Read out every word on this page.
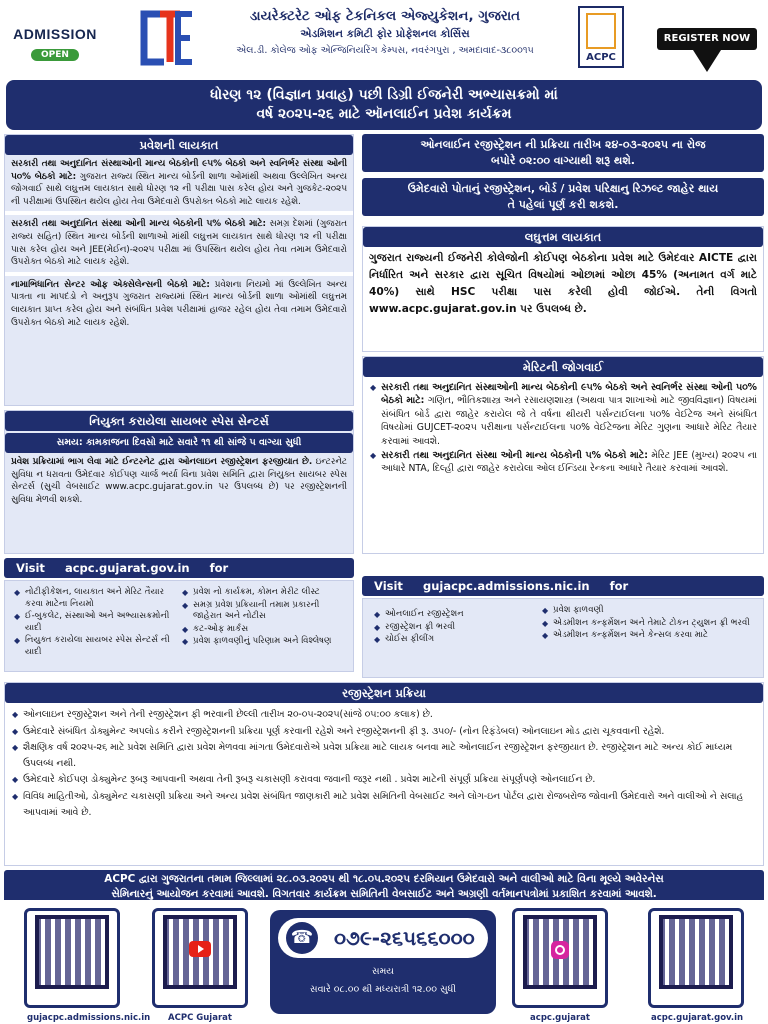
ADMISSION
OPEN
ડાયરેક્ટરેટ ઓફ ટેકનિકલ એજ્યુકેશન, ગુજરાત
એડમિશન કમિટી ફોર પ્રોફેશનલ કોર્સિસ
એલ.ડી. કોલેજ ઓફ એન્જિનિયરિંગ કેમ્પસ, નવરંગપુરા , અમદાવાદ-૩૮૦૦૧૫
ACPC
REGISTER NOW
ધોરણ ૧૨ (વિજ્ઞાન પ્રવાહ) પછી ડિગ્રી ઈજનેરી અભ્યાસક્રમો માં
વર્ષ ૨૦૨૫-૨૬ માટે ઑનલાઈન પ્રવેશ કાર્યક્રમ
પ્રવેશની લાયકાત

સરકારી તથા અનુદાનિત સંસ્થાઓની માન્ય બેઠકોની ૯૫% બેઠકો અને સ્વનિર્ભર સંસ્થા ઓની ૫૦% બેઠકો માટે: ગુજરાત રાજ્ય સ્થિત માન્ય બોર્ડની શાળા ઓમાંથી અથવા ઉલ્લેખિત અન્ય જોગવાઈ સાથે લઘુત્તમ લાયકાત સાથે ધોરણ ૧૨ ની પરીક્ષા પાસ કરેલ હોય અને ગુજકેટ-૨૦૨૫ ની પરીક્ષામાં ઉપસ્થિત થયેલ હોય તેવા ઉમેદવારો ઉપરોક્ત બેઠકો માટે લાયક રહેશે.

સરકારી તથા અનુદાનિત સંસ્થા ઓની માન્ય બેઠકોની ૫% બેઠકો માટે: સમગ્ર દેશમાં (ગુજરાત રાજ્ય સહિત) સ્થિત માન્ય બોર્ડની શાળાઓ માંથી લઘુત્તમ લાયકાત સાથે ધોરણ ૧૨ ની પરીક્ષા પાસ કરેલ હોય અને JEE(મેઈન)-૨૦૨૫ પરીક્ષા માં ઉપસ્થિત થયેલ હોય તેવા તમામ ઉમેદવારો ઉપરોક્ત બેઠકો માટે લાયક રહેશે.

નામાભિધાનિત સેન્ટર ઓફ એક્સેલેન્સની બેઠકો માટે: પ્રવેશના નિયમો માં ઉલ્લેખિત અન્ય પાત્રતા ના માપદંડો ને અનુરૂપ ગુજરાત રાજ્યમાં સ્થિત માન્ય બોર્ડની શાળા ઓમાંથી લઘુત્તમ લાયકાત પ્રાપ્ત કરેલ હોય અને સંબંધિત પ્રવેશ પરીક્ષામાં હાજર રહેલ હોય તેવા તમામ ઉમેદવારો ઉપરોક્ત બેઠકો માટે લાયક રહેશે.

નિયુક્ત કરાયેલા સાયબર સ્પેસ સેન્ટર્સ
સમય: કામકાજના દિવસો માટે સવારે ૧૧ થી સાંજે ૫ વાગ્યા સુધી

પ્રવેશ પ્રક્રિયામાં ભાગ લેવા માટે ઈન્ટરનેટ દ્વારા ઓનલાઇન રજીસ્ટ્રેશન ફરજીયાત છે. ઇન્ટરનેટ સુવિધા ન ધરાવતા ઉમેદવાર કોઈપણ ચાર્જ ભર્યા વિના પ્રવેશ સમિતિ દ્વારા નિયુક્ત સાયબર સ્પેસ સેન્ટર્સ (સુચી વેબસાઈટ www.acpc.gujarat.gov.in પર ઉપલબ્ધ છે) પર રજીસ્ટ્રેશનની સુવિધા મેળવી શકશે.

ઓનલાઈન રજીસ્ટ્રેશન ની પ્રક્રિયા તારીખ ૨૪-૦૩-૨૦૨૫ ના રોજ
બપોરે ૦૨:૦૦ વાગ્યાથી શરૂ થશે.
ઉમેદવારો પોતાનું રજીસ્ટ્રેશન, બોર્ડ / પ્રવેશ પરિક્ષાનુ રિઝલ્ટ જાહેર થાય
તે પહેલાં પૂર્ણ કરી શકશે.
લઘુત્તમ લાયકાત

ગુજરાત રાજ્યની ઈજનેરી કોલેજોની કોઈપણ બેઠકોના પ્રવેશ માટે ઉમેદવાર AICTE દ્વારા નિર્ધારિત અને સરકાર દ્વારા સૂચિત વિષયોમાં ઓછામાં ઓછા 45% (અનામત વર્ગ માટે 40%) સાથે HSC પરીક્ષા પાસ કરેલી હોવી જોઈએ. તેની વિગતો www.acpc.gujarat.gov.in પર ઉપલબ્ધ છે.

મેરિટની જોગવાઈ
◆ સરકારી તથા અનુદાનિત સંસ્થાઓની માન્ય બેઠકોની ૯૫% બેઠકો અને સ્વનિર્ભર સંસ્થા ઓની ૫૦% બેઠકો માટે: ગણિત, ભૌતિકશાસ્ત્ર અને રસાયણશાસ્ત્ર (અથવા પાત્ર શાખાઓ માટે જીવવિજ્ઞાન) વિષયમાં સંબંધિત બોર્ડ દ્વારા જાહેર કરાયેલ જે તે વર્ષના થીયરી પર્સન્ટાઈલના ૫૦% વેઈટેજ અને સંબંધિત વિષયોમાં GUJCET-૨૦૨૫ પરીક્ષાના પર્સન્ટાઈલના ૫૦% વેઈટેજના મેરિટ ગુણના આધારે મેરિટ તૈયાર કરવામાં આવશે.
◆ સરકારી તથા અનુદાનિત સંસ્થા ઓની માન્ય બેઠકોની ૫% બેઠકો માટે: મેરિટ JEE (મુખ્ય) ૨૦૨૫ ના આધારે NTA, દિલ્હી દ્વારા જાહેર કરાયેલા ઓલ ઈન્ડિયા રેન્કના આધારે તૈયાર કરવામાં આવશે.
Visit acpc.gujarat.gov.in for
◆ નોટીફીકેશન, લાયકાત અને મેરિટ તૈયાર કરવા માટેના નિયમો
◆ ઈ-બુકલેટ, સંસ્થાઓ અને અભ્યાસક્રમોની યાદી
◆ નિયુક્ત કરાયેલા સાયબર સ્પેસ સેન્ટર્સ ની યાદી
◆ પ્રવેશ નો કાર્યક્રમ, કોમન મેરીટ લીસ્ટ
◆ સમગ્ર પ્રવેશ પ્રક્રિયાની તમામ પ્રકારની જાહેરાત અને નોટીસ
◆ કટ-ઓફ માર્કસ
◆ પ્રવેશ ફાળવણીનું પરિણામ અને વિશ્લેષણ
Visit gujacpc.admissions.nic.in for
◆ ઓનલાઈન રજીસ્ટ્રેશન
◆ રજીસ્ટ્રેશન ફ્રી ભરવી
◆ ચોઈસ ફીલીંગ
◆ પ્રવેશ ફાળવણી
◆ એડમીશન કન્ફર્મેશન અને તેમાટે ટોકન ટ્યુશન ફ્રી ભરવી
◆ એડમીશન કન્ફર્મેશન અને કેન્સલ કરવા માટે
રજીસ્ટ્રેશન પ્રક્રિયા
◆ ઓનલાઇન રજીસ્ટ્રેશન અને તેની રજીસ્ટ્રેશન ફી ભરવાની છેલ્લી તારીખ ૨૦-૦૫-૨૦૨૫(સાંજે ૦૫:૦૦ કલાક) છે.
◆ ઉમેદવારે સંબંધિત ડોક્યુમેન્ટ અપલોડ કરીને રજીસ્ટ્રેશનની પ્રક્રિયા પૂર્ણ કરવાની રહેશે અને રજીસ્ટ્રેશનની ફી રૂ. ૩૫૦/- (નોન રિફંડેબલ) ઓનલાઇન મોડ દ્વારા ચૂકવવાની રહેશે.
◆ શૈક્ષણિક વર્ષ ૨૦૨૫-૨૬ માટે પ્રવેશ સમિતિ દ્વારા પ્રવેશ મેળવવા માંગતા ઉમેદવારોએ પ્રવેશ પ્રક્રિયા માટે લાયક બનવા માટે ઓનલાઈન રજીસ્ટ્રેશન ફરજીયાત છે. રજીસ્ટ્રેશન માટે અન્ય કોઈ માધ્યમ ઉપલબ્ધ નથી.
◆ ઉમેદવારે કોઈપણ ડોક્યુમેન્ટ રૂબરૂ આપવાની અથવા તેની રૂબરૂ ચકાસણી કરાવવા જવાની જરૂર નથી . પ્રવેશ માટેની સંપૂર્ણ પ્રક્રિયા સંપૂર્ણપણે ઓનલાઈન છે.
◆ વિવિધ માહિતીઓ, ડોક્યુમેન્ટ ચકાસણી પ્રક્રિયા અને અન્ય પ્રવેશ સંબંધિત જાણકારી માટે પ્રવેશ સમિતિની વેબસાઈટ અને લોગ-ઇન પોર્ટલ દ્વારા રોજબરોજ જોવાની ઉમેદવારો અને વાલીઓ ને સલાહ આપવામાં આવે છે.
ACPC દ્વારા ગુજરાતના તમામ જિલ્લામાં ૨૮.૦૩.૨૦૨૫ થી ૧૮.૦૫.૨૦૨૫ દરમિયાન ઉમેદવારો અને વાલીઓ માટે વિના મૂલ્યે અવેરનેસ
સેમિનારનું આયોજન કરવામાં આવશે. વિગતવાર કાર્યક્રમ સમિતિની વેબસાઈટ અને અગ્રણી વર્તમાનપત્રોમાં પ્રકાશિત કરવામાં આવશે.
gujacpc.admissions.nic.in	ACPC Gujarat
સમય
સવારે ૦૮.૦૦ થી મધ્યરાત્રી ૧૨.૦૦ સુધી
☎ ૦૭૯-૨૬૫૬૬૦૦૦
acpc.gujarat	acpc.gujarat.gov.in
